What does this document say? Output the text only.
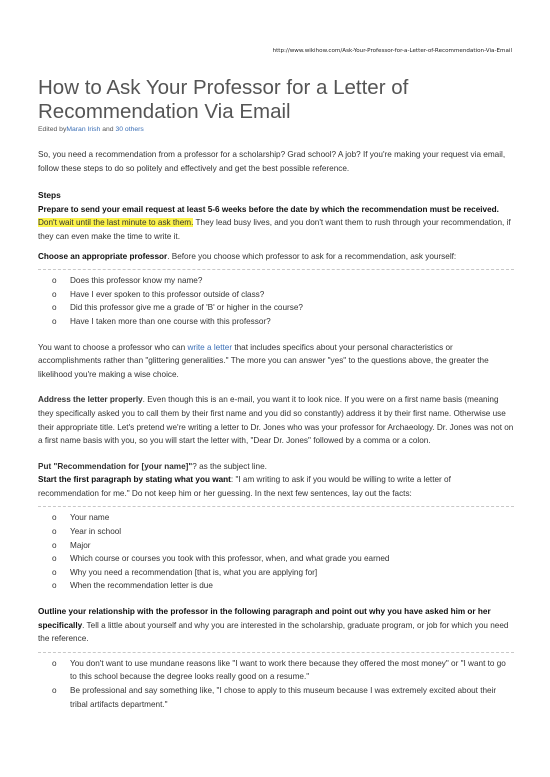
http://www.wikihow.com/Ask-Your-Professor-for-a-Letter-of-Recommendation-Via-Email
How to Ask Your Professor for a Letter of Recommendation Via Email
Edited byMaran Irish and 30 others

So, you need a recommendation from a professor for a scholarship? Grad school? A job? If you're making your request via email, follow these steps to do so politely and effectively and get the best possible reference.

Steps

Prepare to send your email request at least 5-6 weeks before the date by which the recommendation must be received. Don't wait until the last minute to ask them. They lead busy lives, and you don't want them to rush through your recommendation, if they can even make the time to write it.

Choose an appropriate professor. Before you choose which professor to ask for a recommendation, ask yourself:

o Does this professor know my name?
o Have I ever spoken to this professor outside of class?
o Did this professor give me a grade of 'B' or higher in the course?
o Have I taken more than one course with this professor?

You want to choose a professor who can write a letter that includes specifics about your personal characteristics or accomplishments rather than "glittering generalities." The more you can answer "yes" to the questions above, the greater the likelihood you're making a wise choice.

Address the letter properly. Even though this is an e-mail, you want it to look nice. If you were on a first name basis (meaning they specifically asked you to call them by their first name and you did so constantly) address it by their first name. Otherwise use their appropriate title. Let's pretend we're writing a letter to Dr. Jones who was your professor for Archaeology. Dr. Jones was not on a first name basis with you, so you will start the letter with, "Dear Dr. Jones" followed by a comma or a colon.

Put "Recommendation for [your name]"? as the subject line.

Start the first paragraph by stating what you want: "I am writing to ask if you would be willing to write a letter of recommendation for me." Do not keep him or her guessing. In the next few sentences, lay out the facts:

o Your name
o Year in school
o Major
o Which course or courses you took with this professor, when, and what grade you earned
o Why you need a recommendation [that is, what you are applying for]
o When the recommendation letter is due

Outline your relationship with the professor in the following paragraph and point out why you have asked him or her specifically. Tell a little about yourself and why you are interested in the scholarship, graduate program, or job for which you need the reference.

o You don't want to use mundane reasons like "I want to work there because they offered the most money" or "I want to go to this school because the degree looks really good on a resume."
o Be professional and say something like, "I chose to apply to this museum because I was extremely excited about their tribal artifacts department."
